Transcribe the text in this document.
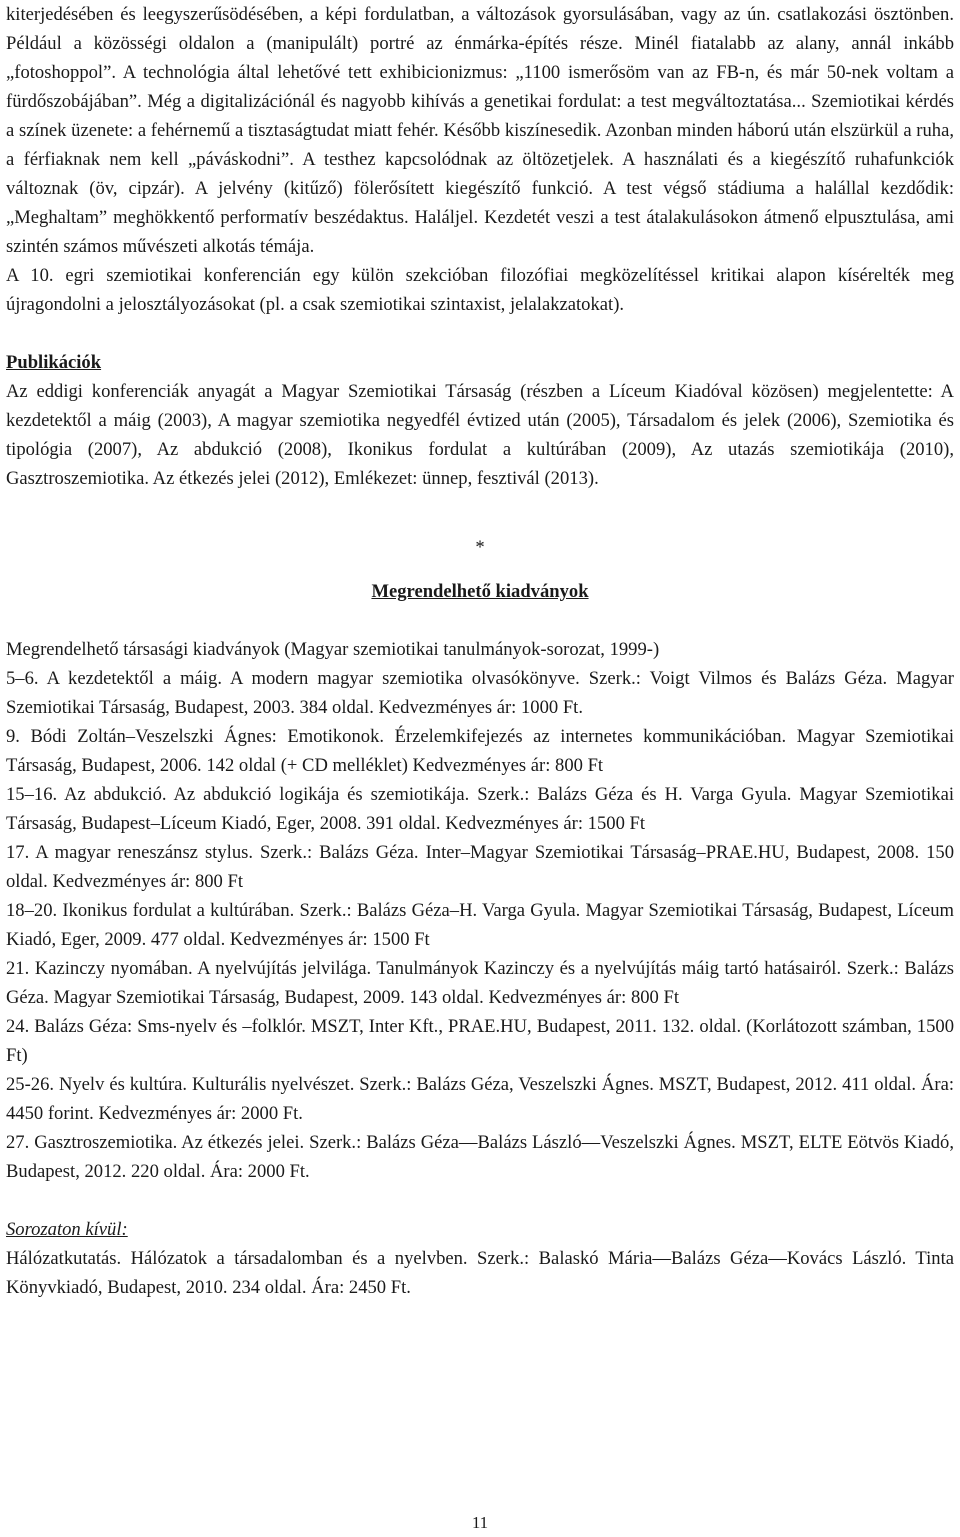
kiterjedésében és leegyszerűsödésében, a képi fordulatban, a változások gyorsulásában, vagy az ún. csatlakozási ösztönben. Például a közösségi oldalon a (manipulált) portré az énmárka-építés része. Minél fiatalabb az alany, annál inkább „fotoshoppol”. A technológia által lehetővé tett exhibicionizmus: „1100 ismerősöm van az FB-n, és már 50-nek voltam a fürdőszobájában”. Még a digitalizációnál és nagyobb kihívás a genetikai fordulat: a test megváltoztatása... Szemiotikai kérdés a színek üzenete: a fehérnemű a tisztaságtudat miatt fehér. Később kiszínesedik. Azonban minden háború után elszürkül a ruha, a férfiaknak nem kell „páváskodni”. A testhez kapcsolódnak az öltözetjelek. A használati és a kiegészítő ruhafunkciók változnak (öv, cipzár). A jelvény (kitűző) fölerősített kiegészítő funkció. A test végső stádiuma a halállal kezdődik: „Meghaltam” meghökkentő performatív beszédaktus. Haláljel. Kezdetét veszi a test átalakulásokon átmenő elpusztulása, ami szintén számos művészeti alkotás témája.

A 10. egri szemiotikai konferencián egy külön szekcióban filozófiai megközelítéssel kritikai alapon kísérelték meg újragondolni a jelosztályozásokat (pl. a csak szemiotikai szintaxist, jelalakzatokat).

Publikációk

Az eddigi konferenciák anyagát a Magyar Szemiotikai Társaság (részben a Líceum Kiadóval közösen) megjelentette: A kezdetektől a máig (2003), A magyar szemiotika negyedfél évtized után (2005), Társadalom és jelek (2006), Szemiotika és tipológia (2007), Az abdukció (2008), Ikonikus fordulat a kultúrában (2009), Az utazás szemiotikája (2010), Gasztroszemiotika. Az étkezés jelei (2012), Emlékezet: ünnep, fesztivál (2013).

*

Megrendelhető kiadványok

Megrendelhető társasági kiadványok (Magyar szemiotikai tanulmányok-sorozat, 1999-)

5–6. A kezdetektől a máig. A modern magyar szemiotika olvasókönyve. Szerk.: Voigt Vilmos és Balázs Géza. Magyar Szemiotikai Társaság, Budapest, 2003. 384 oldal. Kedvezményes ár: 1000 Ft.

9. Bódi Zoltán–Veszelszki Ágnes: Emotikonok. Érzelemkifejezés az internetes kommunikációban. Magyar Szemiotikai Társaság, Budapest, 2006. 142 oldal (+ CD melléklet) Kedvezményes ár: 800 Ft

15–16. Az abdukció. Az abdukció logikája és szemiotikája. Szerk.: Balázs Géza és H. Varga Gyula. Magyar Szemiotikai Társaság, Budapest–Líceum Kiadó, Eger, 2008. 391 oldal. Kedvezményes ár: 1500 Ft

17. A magyar reneszánsz stylus. Szerk.: Balázs Géza. Inter–Magyar Szemiotikai Társaság–PRAE.HU, Budapest, 2008. 150 oldal. Kedvezményes ár: 800 Ft

18–20. Ikonikus fordulat a kultúrában. Szerk.: Balázs Géza–H. Varga Gyula. Magyar Szemiotikai Társaság, Budapest, Líceum Kiadó, Eger, 2009. 477 oldal. Kedvezményes ár: 1500 Ft

21. Kazinczy nyomában. A nyelvújítás jelvilága. Tanulmányok Kazinczy és a nyelvújítás máig tartó hatásairól. Szerk.: Balázs Géza. Magyar Szemiotikai Társaság, Budapest, 2009. 143 oldal. Kedvezményes ár: 800 Ft

24. Balázs Géza: Sms-nyelv és –folklór. MSZT, Inter Kft., PRAE.HU, Budapest, 2011. 132. oldal. (Korlátozott számban, 1500 Ft)

25-26. Nyelv és kultúra. Kulturális nyelvészet. Szerk.: Balázs Géza, Veszelszki Ágnes. MSZT, Budapest, 2012. 411 oldal. Ára: 4450 forint. Kedvezményes ár: 2000 Ft.

27. Gasztroszemiotika. Az étkezés jelei. Szerk.: Balázs Géza—Balázs László—Veszelszki Ágnes. MSZT, ELTE Eötvös Kiadó, Budapest, 2012. 220 oldal. Ára: 2000 Ft.

Sorozaton kívül:

Hálózatkutatás. Hálózatok a társadalomban és a nyelvben. Szerk.: Balaskó Mária—Balázs Géza—Kovács László. Tinta Könyvkiadó, Budapest, 2010. 234 oldal. Ára: 2450 Ft.

11
